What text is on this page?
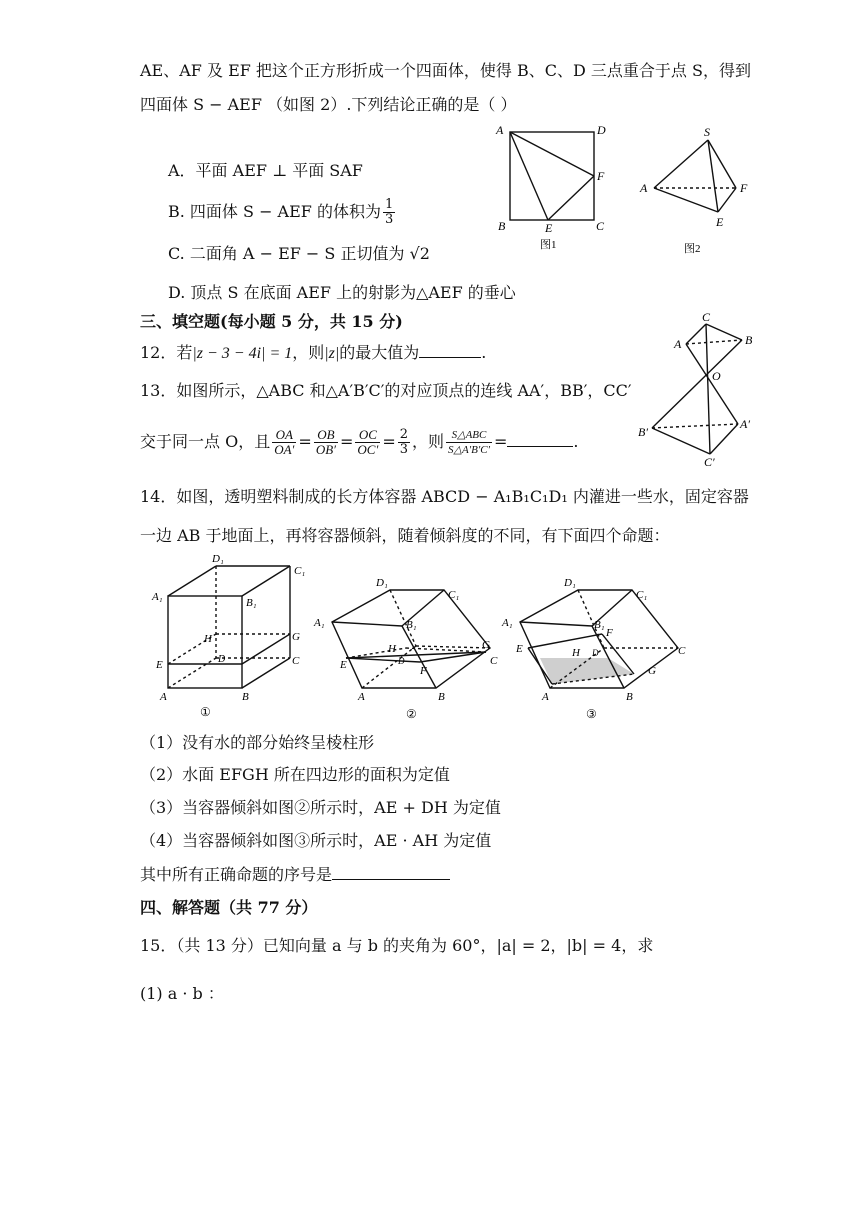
AE、AF 及 EF 把这个正方形折成一个四面体，使得 B、C、D 三点重合于点 S，得到
四面体 S − AEF （如图 2）.下列结论正确的是（ ）
A．平面 AEF ⊥ 平面 SAF
B. 四面体 S − AEF 的体积为 $\frac{1}{3}$
C. 二面角 A − EF − S 正切值为 √2
D. 顶点 S 在底面 AEF 上的射影为△AEF 的垂心
A	D
F
B	E	C
图1
S
A	F
E
图2
三、填空题(每小题 5 分，共 15 分)
12．若|z − 3 − 4i| = 1，则|z|的最大值为	.
C
A	B
O
B′
A′
C′
13．如图所示，△ABC 和△A′B′C′的对应顶点的连线 AA′，BB′，CC′
交于同一点 O，且 $\frac{OA}{OA'} = \frac{OB}{OB'} = \frac{OC}{OC'} = \frac{2}{3}$ ，则 $\frac{\text{S△ABC}}{S\triangle A'B'C'}$ =	.
14．如图，透明塑料制成的长方体容器 ABCD − A₁B₁C₁D₁ 内灌进一些水，固定容器
一边 AB 于地面上，再将容器倾斜，随着倾斜度的不同，有下面四个命题：
D₁
C₁
A₁	B₁
H	G
E	D	C
A	B
①
D₁
C₁
A₁	B₁
H
D
G
E	F
C
A	B
②
D₁
C₁
A₁	B₁
F
E	H D
G
C
A	B
③
（1）没有水的部分始终呈棱柱形
（2）水面 EFGH 所在四边形的面积为定值
（3）当容器倾斜如图②所示时，AE + DH 为定值
（4）当容器倾斜如图③所示时，AE · AH 为定值
其中所有正确命题的序号是
四、解答题（共 77 分）
15．（共 13 分）已知向量 a 与 b 的夹角为 60°，|a| = 2，|b| = 4，求
(1) a · b ：
